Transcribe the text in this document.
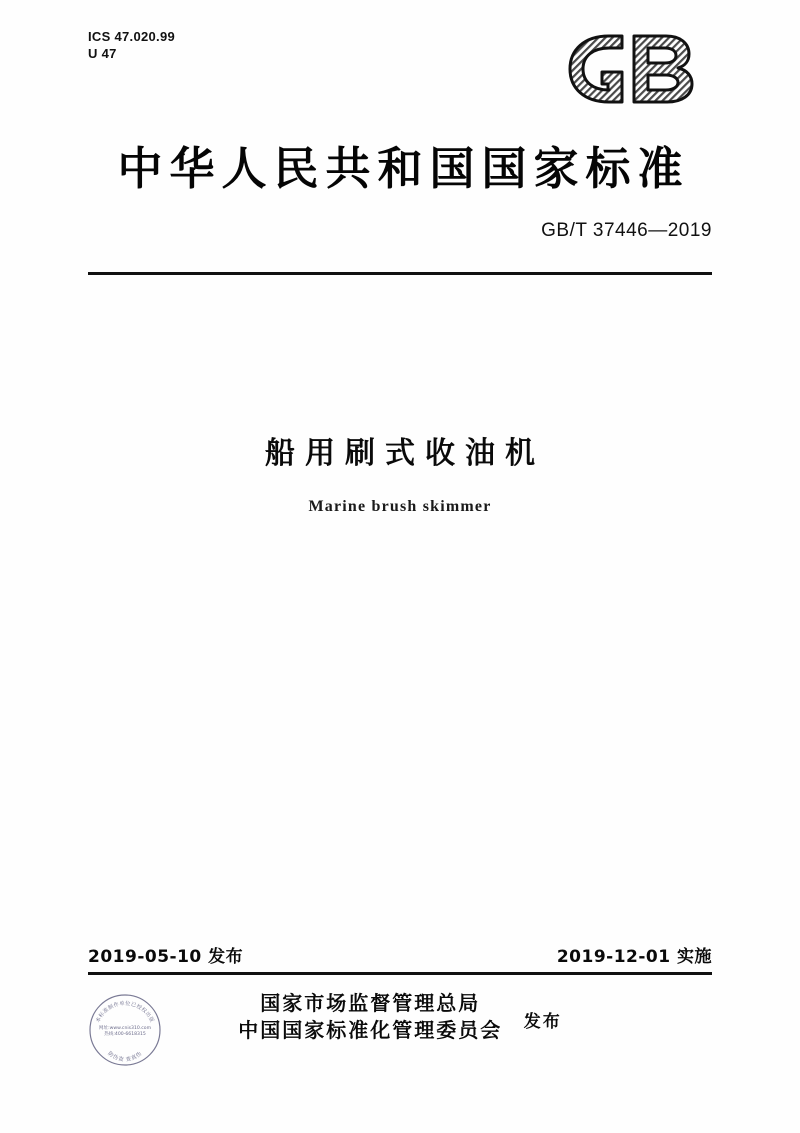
ICS 47.020.99
U 47
中华人民共和国国家标准
GB/T 37446—2019
船用刷式收油机
Marine brush skimmer
2019-05-10 发布	2019-12-01 实施
国家市场监督管理总局
中国国家标准化管理委员会 发布
本标准制作单位已授权出版
网址:www.cnis310.com
热线:400-6618315
防伪查 查真伪
